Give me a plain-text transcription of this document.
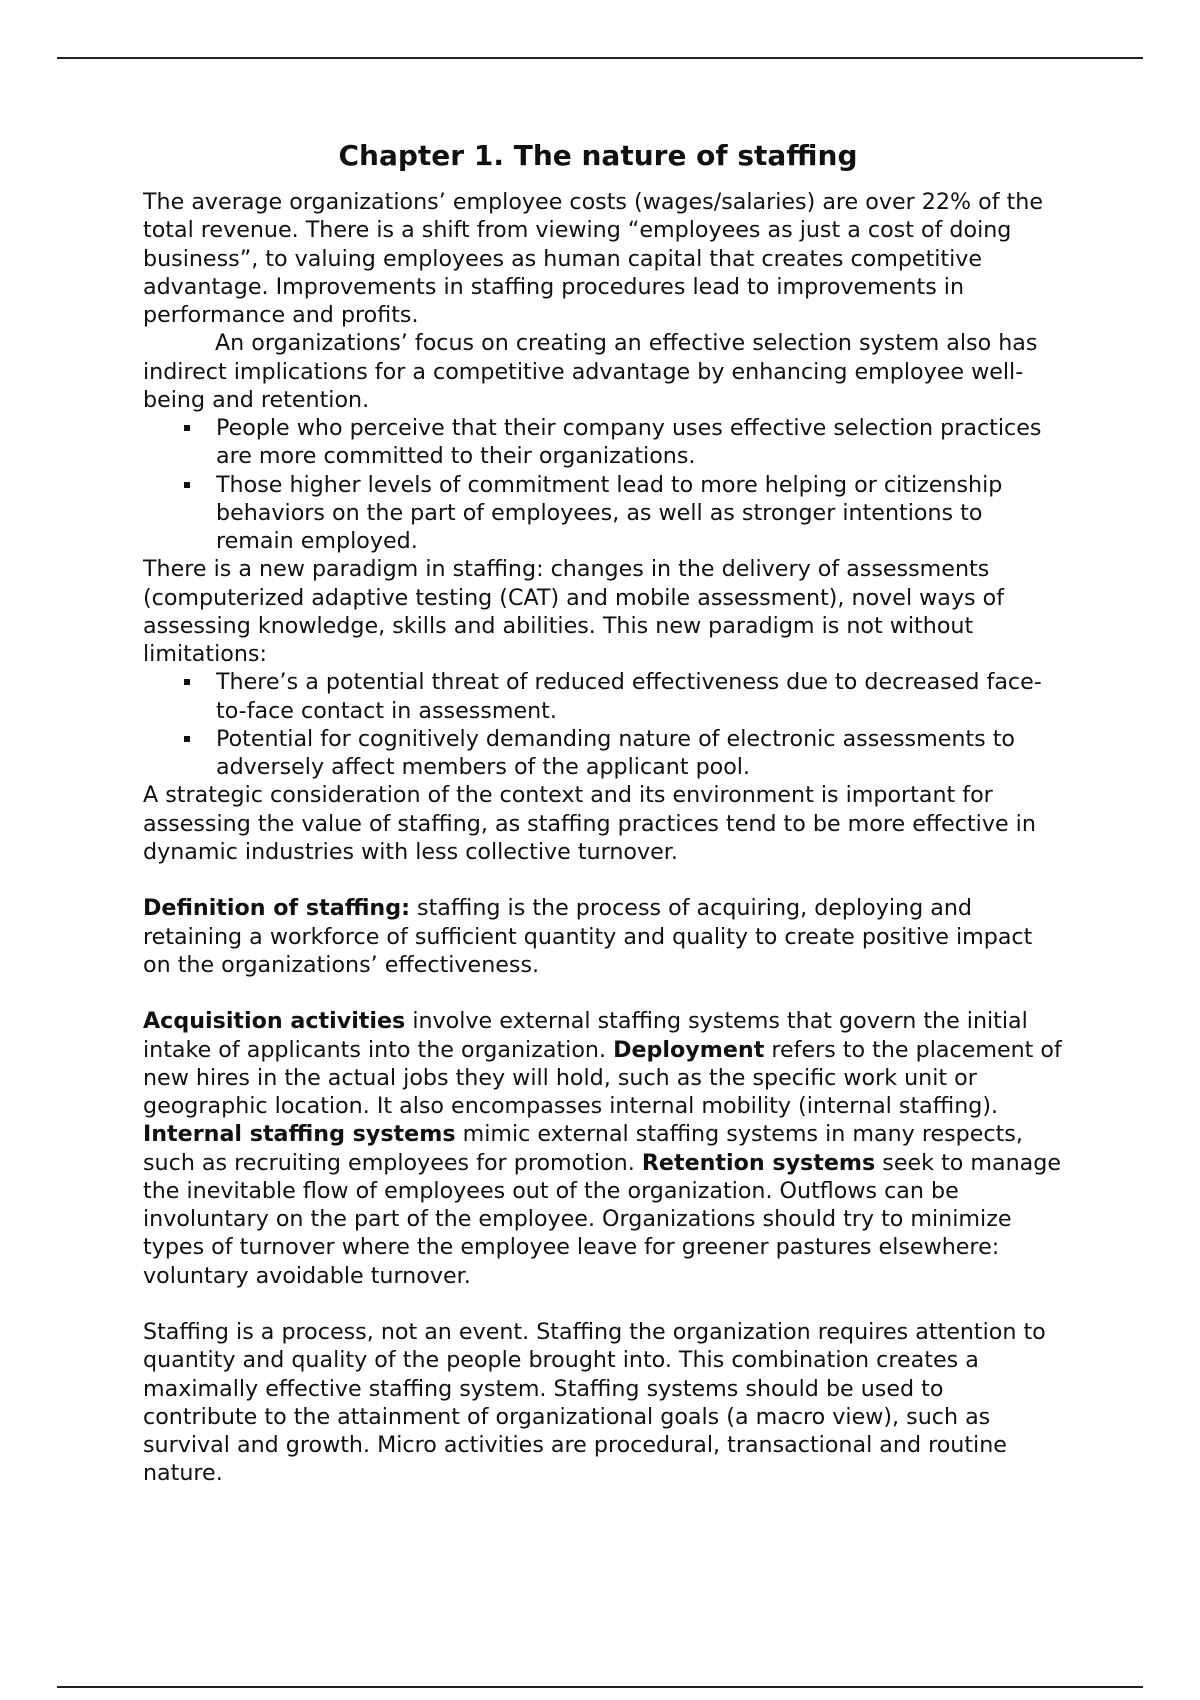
Chapter 1. The nature of staffing

The average organizations’ employee costs (wages/salaries) are over 22% of the total revenue. There is a shift from viewing “employees as just a cost of doing business”, to valuing employees as human capital that creates competitive advantage. Improvements in staffing procedures lead to improvements in performance and profits.

An organizations’ focus on creating an effective selection system also has indirect implications for a competitive advantage by enhancing employee well-being and retention.

People who perceive that their company uses effective selection practices are more committed to their organizations.
Those higher levels of commitment lead to more helping or citizenship behaviors on the part of employees, as well as stronger intentions to remain employed.

There is a new paradigm in staffing: changes in the delivery of assessments (computerized adaptive testing (CAT) and mobile assessment), novel ways of assessing knowledge, skills and abilities. This new paradigm is not without limitations:

There’s a potential threat of reduced effectiveness due to decreased face-to-face contact in assessment.
Potential for cognitively demanding nature of electronic assessments to adversely affect members of the applicant pool.

A strategic consideration of the context and its environment is important for assessing the value of staffing, as staffing practices tend to be more effective in dynamic industries with less collective turnover.

Definition of staffing: staffing is the process of acquiring, deploying and retaining a workforce of sufficient quantity and quality to create positive impact on the organizations’ effectiveness.

Acquisition activities involve external staffing systems that govern the initial intake of applicants into the organization. Deployment refers to the placement of new hires in the actual jobs they will hold, such as the specific work unit or geographic location. It also encompasses internal mobility (internal staffing). Internal staffing systems mimic external staffing systems in many respects, such as recruiting employees for promotion. Retention systems seek to manage the inevitable flow of employees out of the organization. Outflows can be involuntary on the part of the employee. Organizations should try to minimize types of turnover where the employee leave for greener pastures elsewhere: voluntary avoidable turnover.

Staffing is a process, not an event. Staffing the organization requires attention to quantity and quality of the people brought into. This combination creates a maximally effective staffing system. Staffing systems should be used to contribute to the attainment of organizational goals (a macro view), such as survival and growth. Micro activities are procedural, transactional and routine nature.
